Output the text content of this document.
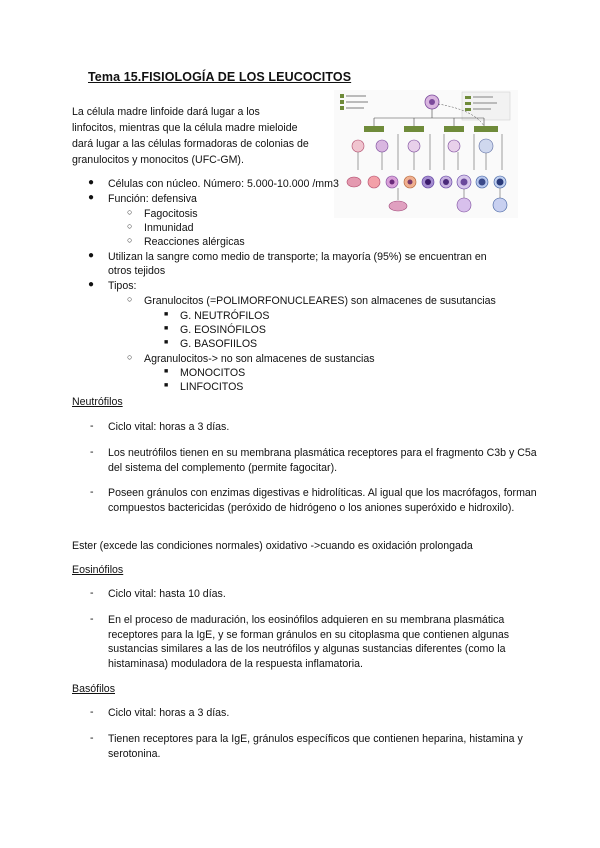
Tema 15.FISIOLOGÍA DE LOS LEUCOCITOS
La célula madre linfoide dará lugar a los
linfocitos, mientras que la célula madre mieloide
dará lugar a las células formadoras de colonias de
granulocitos y monocitos (UFC-GM).
● Células con núcleo. Número: 5.000-10.000 /mm3
● Función: defensiva
○ Fagocitosis
○ Inmunidad
○ Reacciones alérgicas
● Utilizan la sangre como medio de transporte; la mayoría (95%) se encuentran en
otros tejidos
● Tipos:
○ Granulocitos (=POLIMORFONUCLEARES) son almacenes de susutancias
■ G. NEUTRÓFILOS
■ G. EOSINÓFILOS
■ G. BASOFIILOS
○ Agranulocitos-> no son almacenes de sustancias
■ MONOCITOS
■ LINFOCITOS
Neutrófilos
- Ciclo vital: horas a 3 días.
- Los neutrófilos tienen en su membrana plasmática receptores para el fragmento C3b y C5a del sistema del complemento (permite fagocitar).
- Poseen gránulos con enzimas digestivas e hidrolíticas. Al igual que los macrófagos, forman compuestos bactericidas (peróxido de hidrógeno o los aniones superóxido e hidroxilo).
Ester (excede las condiciones normales) oxidativo ->cuando es oxidación prolongada
Eosinófilos
- Ciclo vital: hasta 10 días.
- En el proceso de maduración, los eosinófilos adquieren en su membrana plasmática receptores para la IgE, y se forman gránulos en su citoplasma que contienen algunas sustancias similares a las de los neutrófilos y algunas sustancias diferentes (como la histaminasa) moduladora de la respuesta inflamatoria.
Basófilos
- Ciclo vital: horas a 3 días.
- Tienen receptores para la IgE, gránulos específicos que contienen heparina, histamina y serotonina.
